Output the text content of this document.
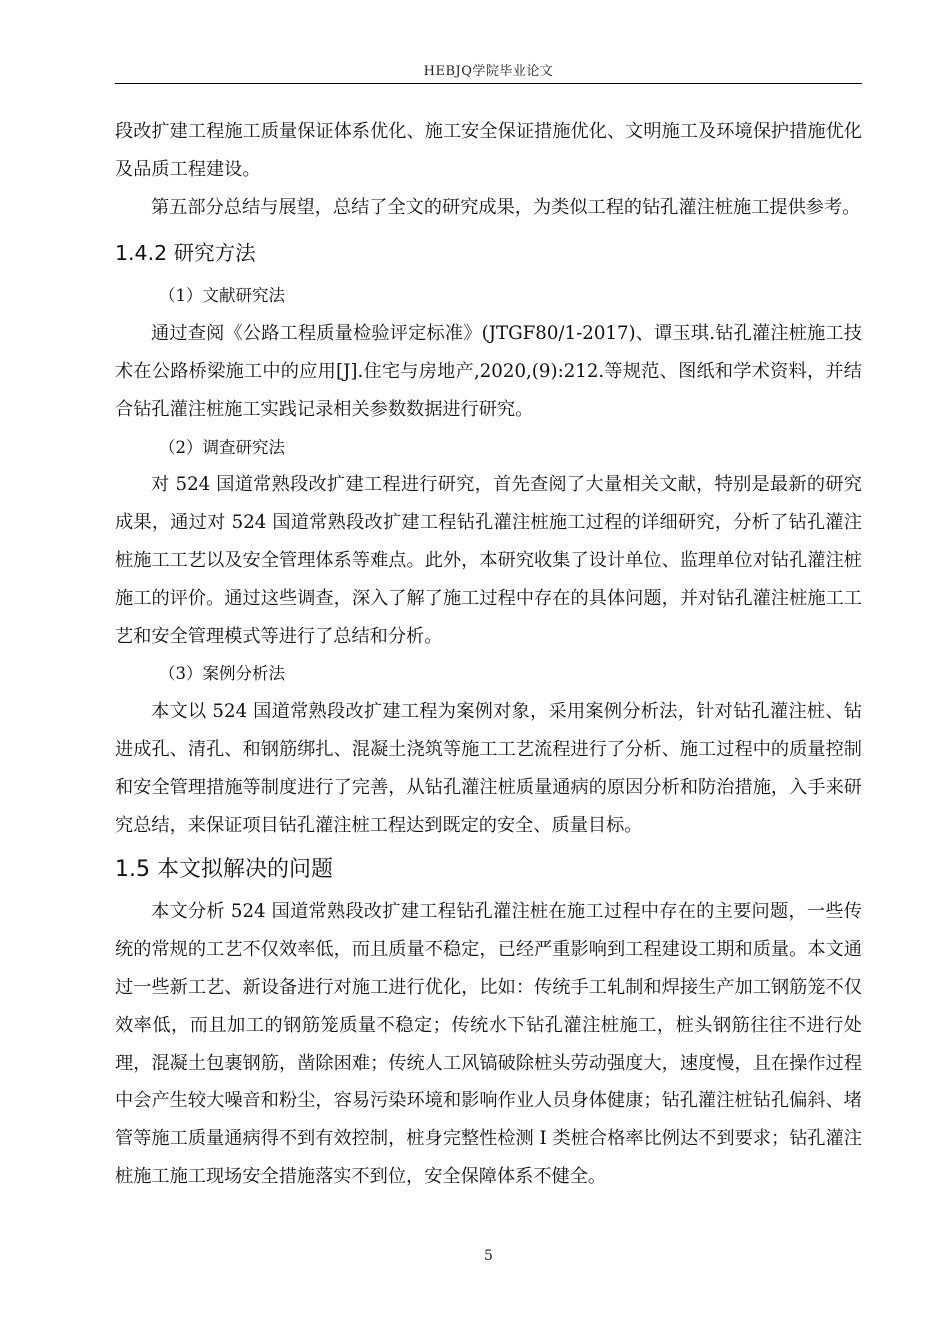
HEBJQ学院毕业论文

段改扩建工程施工质量保证体系优化、施工安全保证措施优化、文明施工及环境保护措施优化及品质工程建设。

第五部分总结与展望，总结了全文的研究成果，为类似工程的钻孔灌注桩施工提供参考。

1.4.2 研究方法

（1）文献研究法

通过查阅《公路工程质量检验评定标准》(JTGF80/1-2017)、谭玉琪.钻孔灌注桩施工技术在公路桥梁施工中的应用[J].住宅与房地产,2020,(9):212.等规范、图纸和学术资料，并结合钻孔灌注桩施工实践记录相关参数数据进行研究。

（2）调查研究法

对 524 国道常熟段改扩建工程进行研究，首先查阅了大量相关文献，特别是最新的研究成果，通过对 524 国道常熟段改扩建工程钻孔灌注桩施工过程的详细研究，分析了钻孔灌注桩施工工艺以及安全管理体系等难点。此外，本研究收集了设计单位、监理单位对钻孔灌注桩施工的评价。通过这些调查，深入了解了施工过程中存在的具体问题，并对钻孔灌注桩施工工艺和安全管理模式等进行了总结和分析。

（3）案例分析法

本文以 524 国道常熟段改扩建工程为案例对象，采用案例分析法，针对钻孔灌注桩、钻进成孔、清孔、和钢筋绑扎、混凝土浇筑等施工工艺流程进行了分析、施工过程中的质量控制和安全管理措施等制度进行了完善，从钻孔灌注桩质量通病的原因分析和防治措施，入手来研究总结，来保证项目钻孔灌注桩工程达到既定的安全、质量目标。

1.5 本文拟解决的问题

本文分析 524 国道常熟段改扩建工程钻孔灌注桩在施工过程中存在的主要问题，一些传统的常规的工艺不仅效率低，而且质量不稳定，已经严重影响到工程建设工期和质量。本文通过一些新工艺、新设备进行对施工进行优化，比如：传统手工轧制和焊接生产加工钢筋笼不仅效率低，而且加工的钢筋笼质量不稳定；传统水下钻孔灌注桩施工，桩头钢筋往往不进行处理，混凝土包裹钢筋，凿除困难；传统人工风镐破除桩头劳动强度大，速度慢，且在操作过程中会产生较大噪音和粉尘，容易污染环境和影响作业人员身体健康；钻孔灌注桩钻孔偏斜、堵管等施工质量通病得不到有效控制，桩身完整性检测 I 类桩合格率比例达不到要求；钻孔灌注桩施工施工现场安全措施落实不到位，安全保障体系不健全。

5
